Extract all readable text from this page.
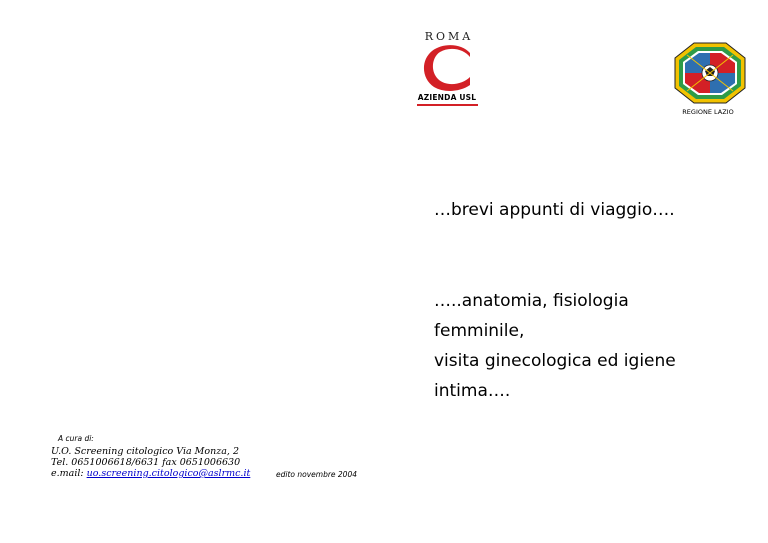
ROMA
AZIENDA USL
REGIONE LAZIO
…brevi appunti di viaggio….
…..anatomia, fisiologia
femminile,
visita ginecologica ed igiene
intima….
A cura di:
U.O. Screening citologico Via Monza, 2
Tel. 0651006618/6631 fax 0651006630
e.mail: uo.screening.citologico@aslrmc.it	edito novembre 2004
